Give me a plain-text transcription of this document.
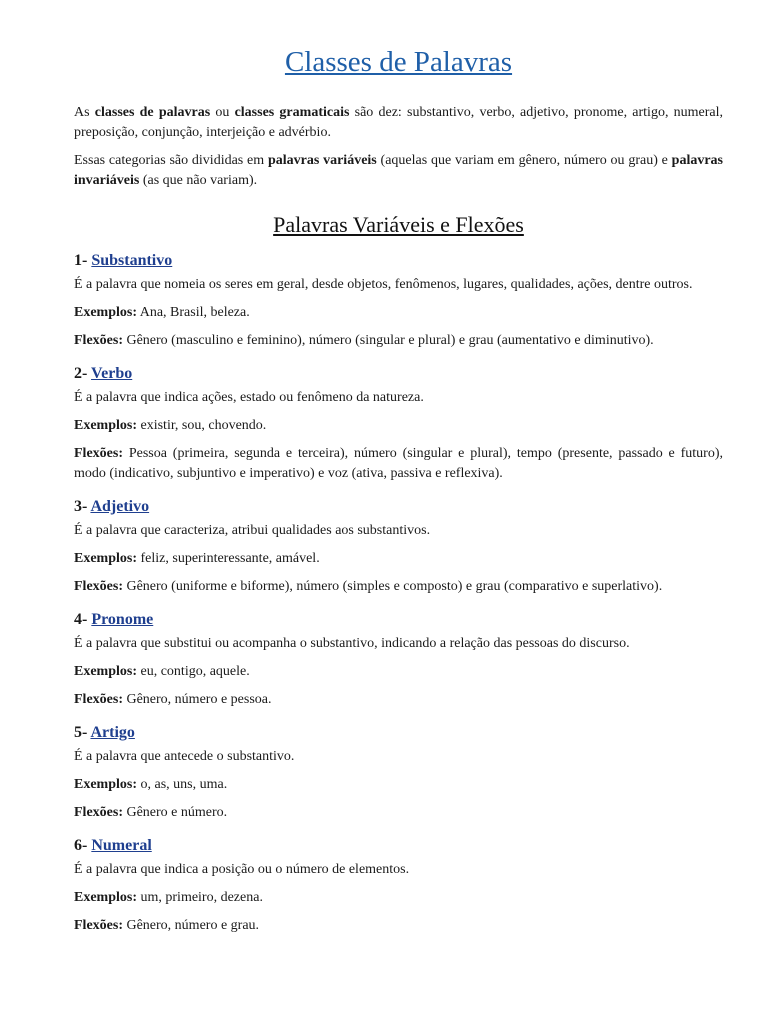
Classes de Palavras

As classes de palavras ou classes gramaticais são dez: substantivo, verbo, adjetivo, pronome, artigo, numeral, preposição, conjunção, interjeição e advérbio.

Essas categorias são divididas em palavras variáveis (aquelas que variam em gênero, número ou grau) e palavras invariáveis (as que não variam).

Palavras Variáveis e Flexões
1- Substantivo

É a palavra que nomeia os seres em geral, desde objetos, fenômenos, lugares, qualidades, ações, dentre outros.

Exemplos: Ana, Brasil, beleza.

Flexões: Gênero (masculino e feminino), número (singular e plural) e grau (aumentativo e diminutivo).

2- Verbo

É a palavra que indica ações, estado ou fenômeno da natureza.

Exemplos: existir, sou, chovendo.

Flexões: Pessoa (primeira, segunda e terceira), número (singular e plural), tempo (presente, passado e futuro), modo (indicativo, subjuntivo e imperativo) e voz (ativa, passiva e reflexiva).

3- Adjetivo

É a palavra que caracteriza, atribui qualidades aos substantivos.

Exemplos: feliz, superinteressante, amável.

Flexões: Gênero (uniforme e biforme), número (simples e composto) e grau (comparativo e superlativo).

4- Pronome

É a palavra que substitui ou acompanha o substantivo, indicando a relação das pessoas do discurso.

Exemplos: eu, contigo, aquele.

Flexões: Gênero, número e pessoa.

5- Artigo

É a palavra que antecede o substantivo.

Exemplos: o, as, uns, uma.

Flexões: Gênero e número.

6- Numeral

É a palavra que indica a posição ou o número de elementos.

Exemplos: um, primeiro, dezena.

Flexões: Gênero, número e grau.
